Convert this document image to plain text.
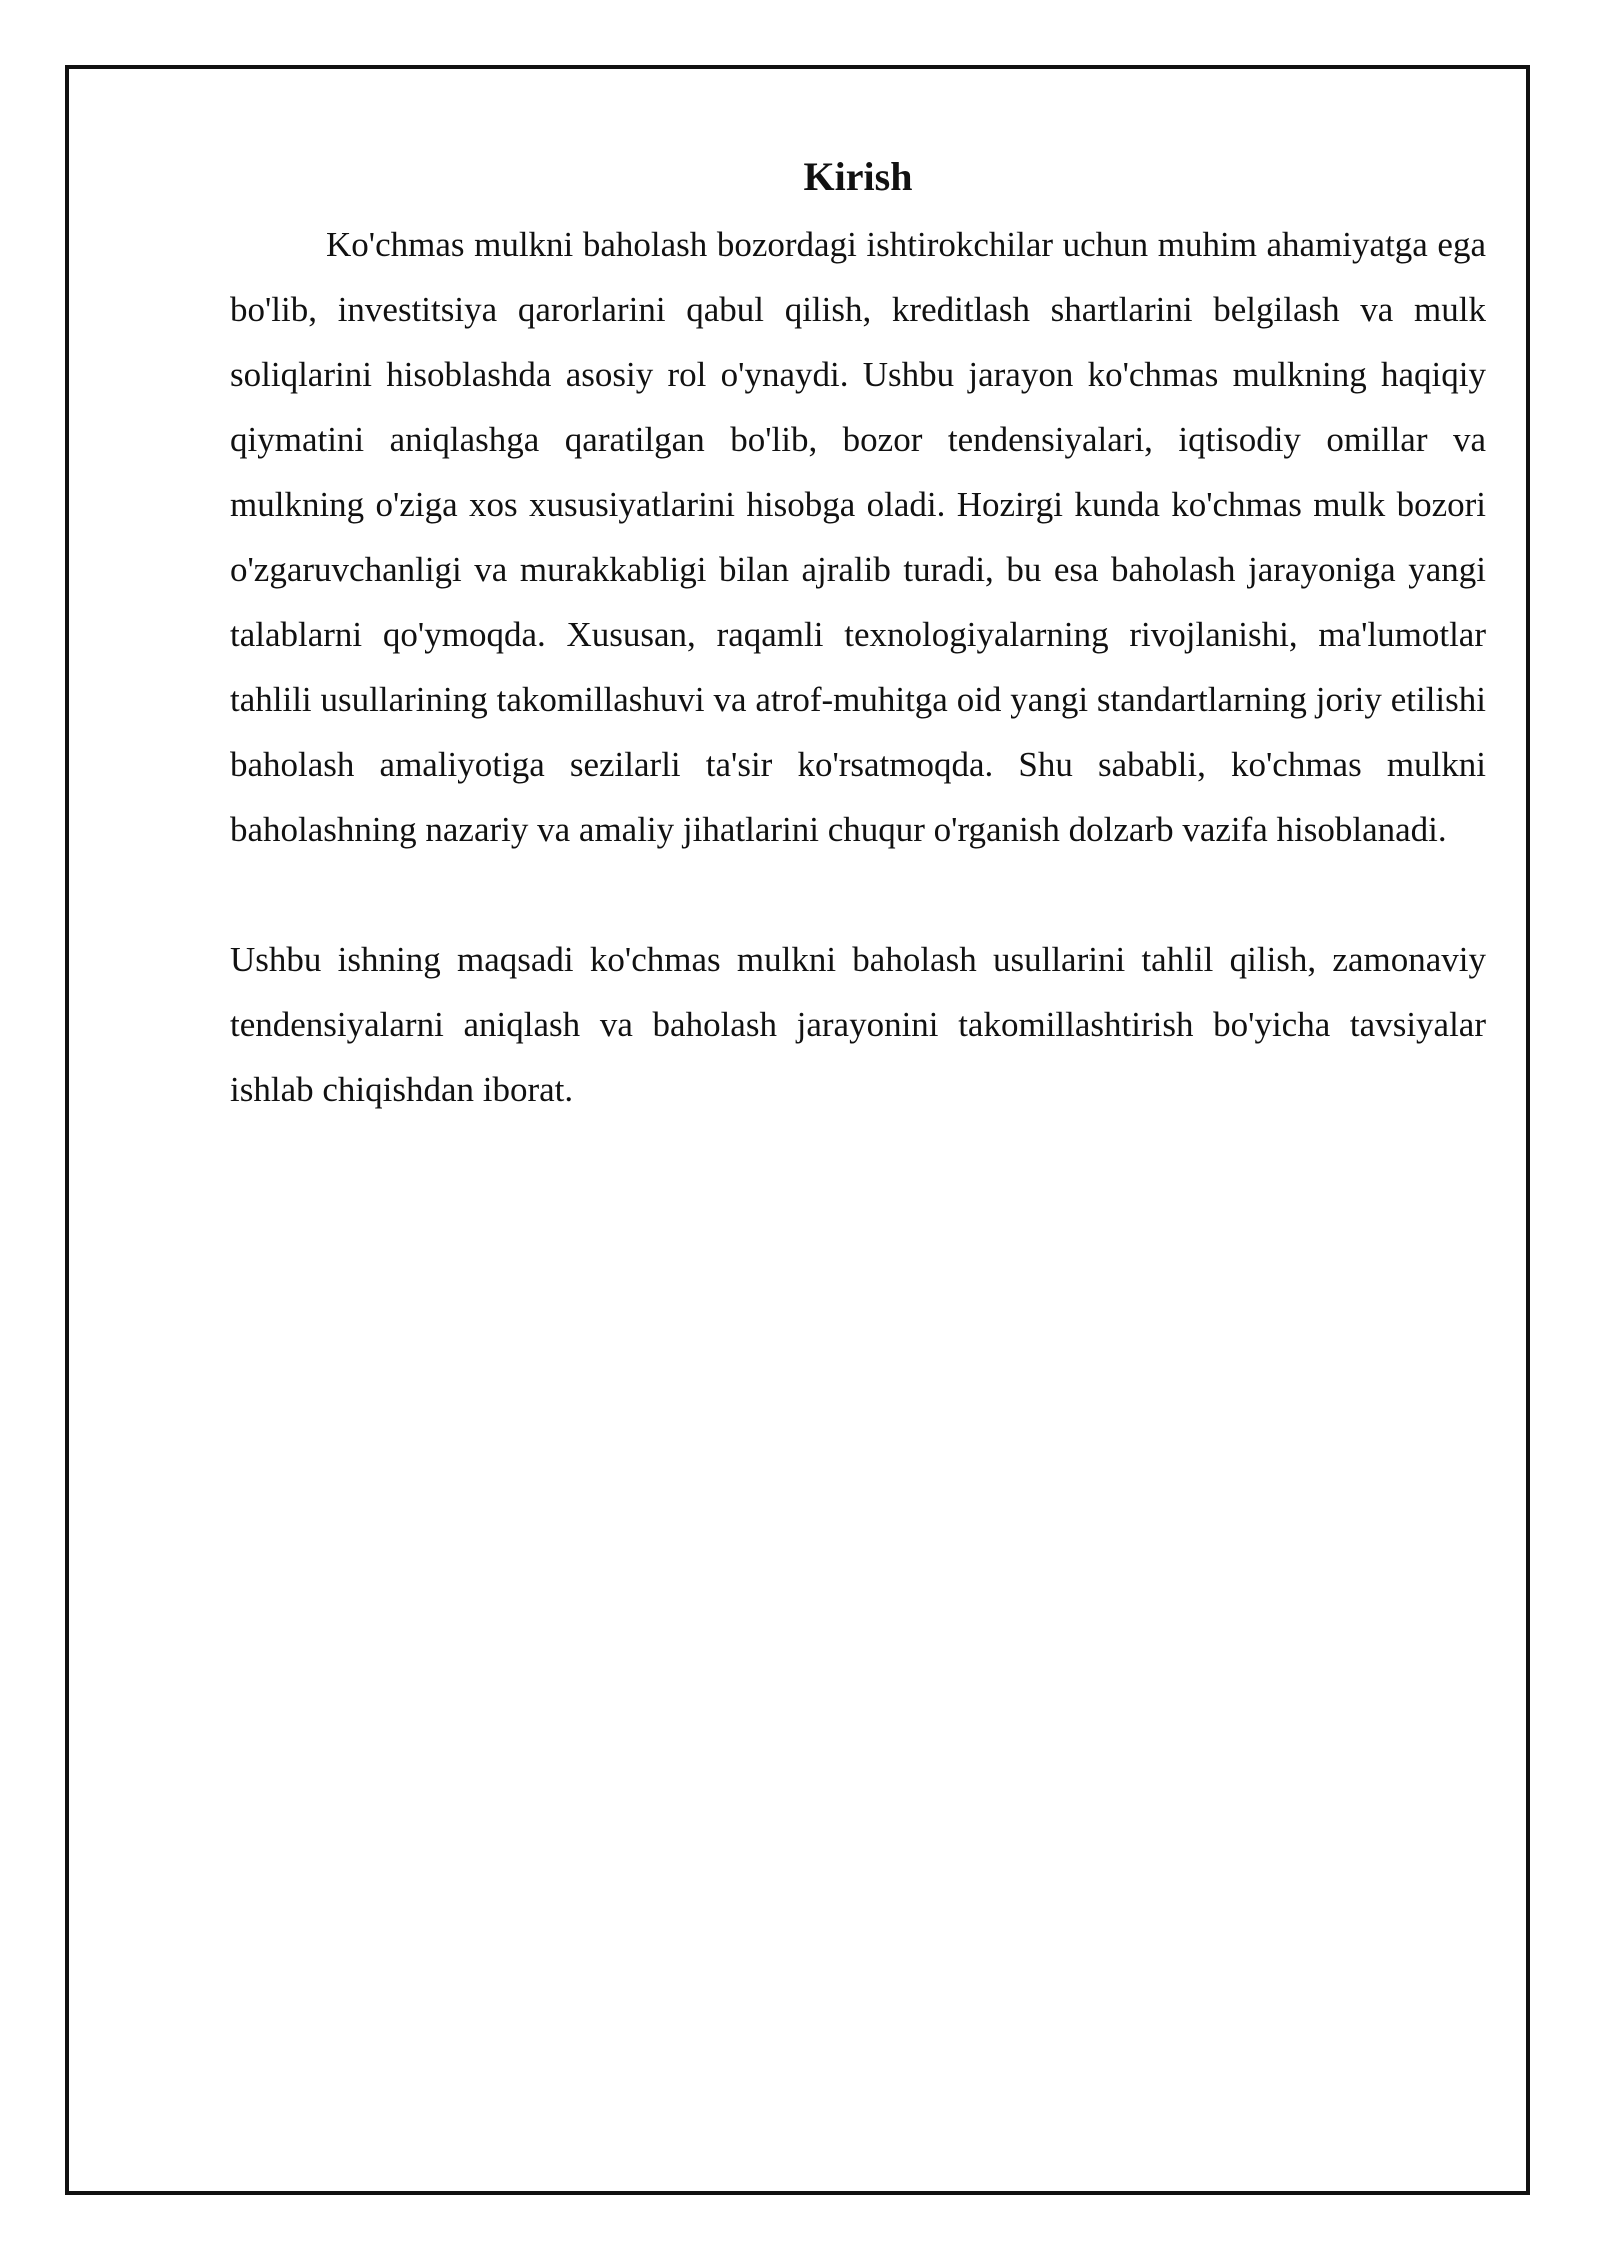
Kirish

Ko'chmas mulkni baholash bozordagi ishtirokchilar uchun muhim ahamiyatga ega bo'lib, investitsiya qarorlarini qabul qilish, kreditlash shartlarini belgilash va mulk soliqlarini hisoblashda asosiy rol o'ynaydi. Ushbu jarayon ko'chmas mulkning haqiqiy qiymatini aniqlashga qaratilgan bo'lib, bozor tendensiyalari, iqtisodiy omillar va mulkning o'ziga xos xususiyatlarini hisobga oladi. Hozirgi kunda ko'chmas mulk bozori o'zgaruvchanligi va murakkabligi bilan ajralib turadi, bu esa baholash jarayoniga yangi talablarni qo'ymoqda. Xususan, raqamli texnologiyalarning rivojlanishi, ma'lumotlar tahlili usullarining takomillashuvi va atrof-muhitga oid yangi standartlarning joriy etilishi baholash amaliyotiga sezilarli ta'sir ko'rsatmoqda. Shu sababli, ko'chmas mulkni baholashning nazariy va amaliy jihatlarini chuqur o'rganish dolzarb vazifa hisoblanadi.

Ushbu ishning maqsadi ko'chmas mulkni baholash usullarini tahlil qilish, zamonaviy tendensiyalarni aniqlash va baholash jarayonini takomillashtirish bo'yicha tavsiyalar ishlab chiqishdan iborat.
